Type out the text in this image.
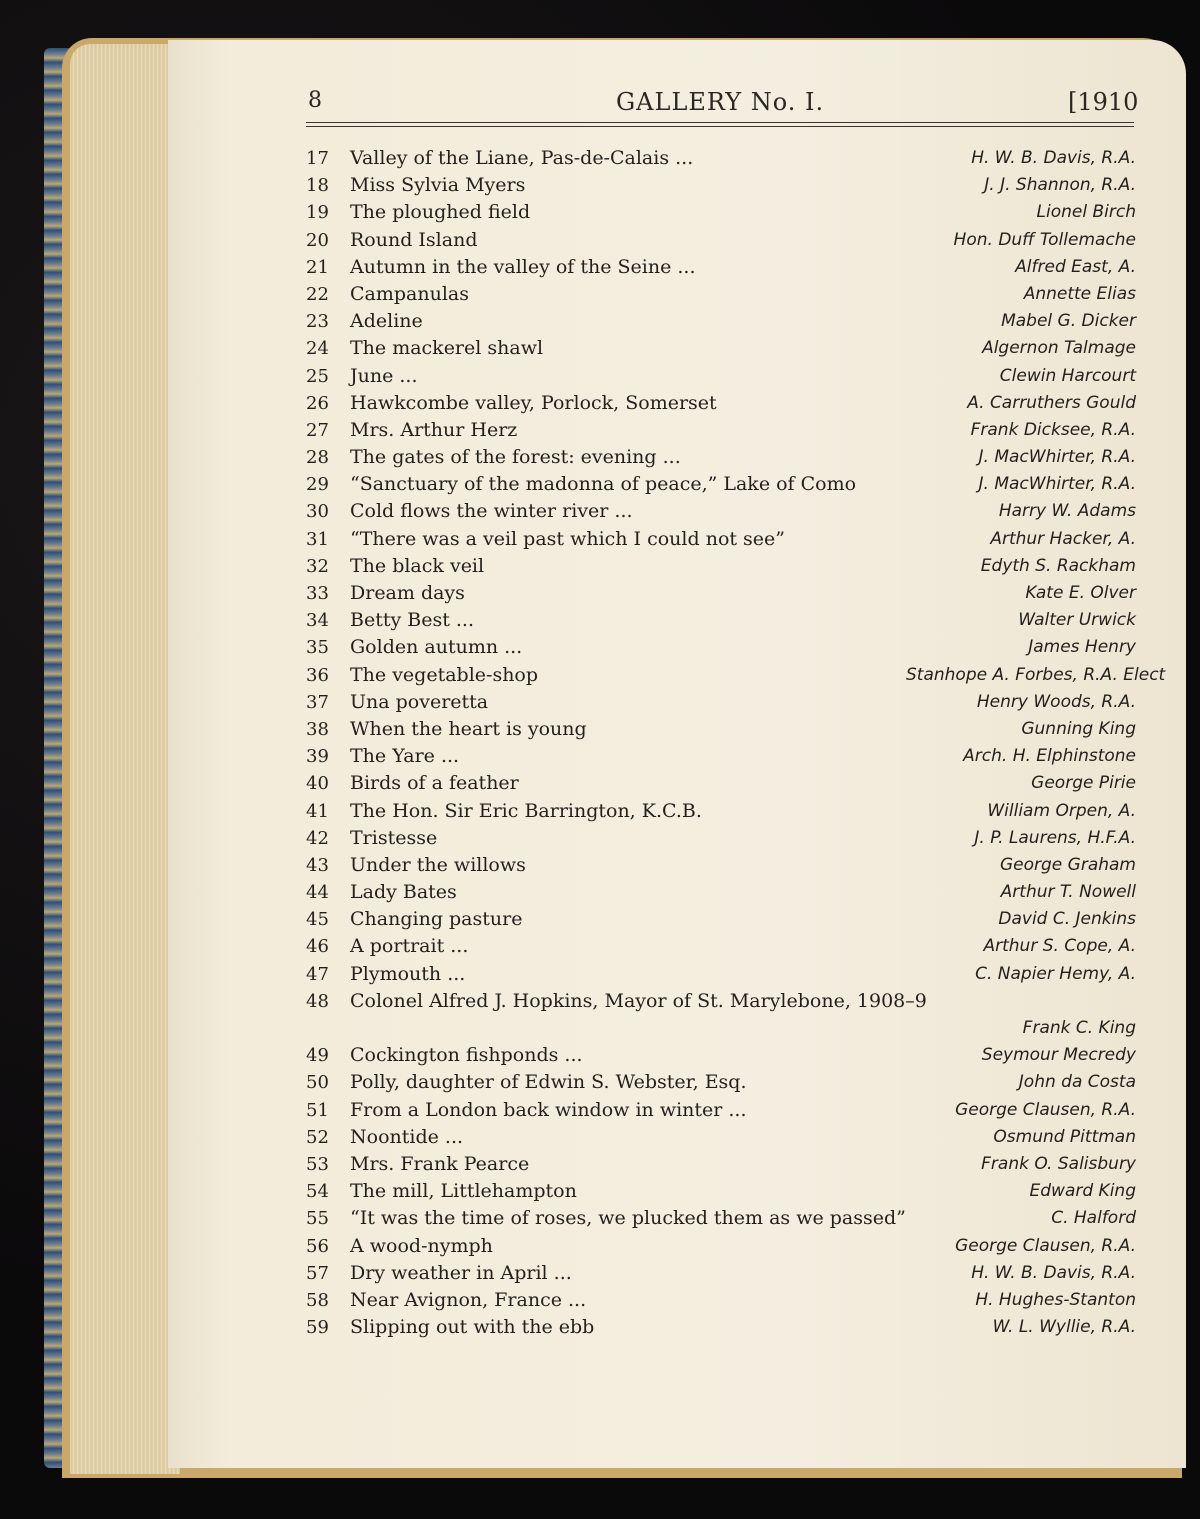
8	GALLERY No. I.	[1910
17	Valley of the Liane, Pas-de-Calais ...	H. W. B. Davis, R.A.
18	Miss Sylvia Myers	J. J. Shannon, R.A.
19	The ploughed field	Lionel Birch
20	Round Island	Hon. Duff Tollemache
21	Autumn in the valley of the Seine ...	Alfred East, A.
22	Campanulas	Annette Elias
23	Adeline	Mabel G. Dicker
24	The mackerel shawl	Algernon Talmage
25	June ...	Clewin Harcourt
26	Hawkcombe valley, Porlock, Somerset	A. Carruthers Gould
27	Mrs. Arthur Herz	Frank Dicksee, R.A.
28	The gates of the forest: evening ...	J. MacWhirter, R.A.
29	“Sanctuary of the madonna of peace,” Lake of Como	J. MacWhirter, R.A.
30	Cold flows the winter river ...	Harry W. Adams
31	“There was a veil past which I could not see”	Arthur Hacker, A.
32	The black veil	Edyth S. Rackham
33	Dream days	Kate E. Olver
34	Betty Best ...	Walter Urwick
35	Golden autumn ...	James Henry
36	The vegetable-shop	Stanhope A. Forbes, R.A. Elect
37	Una poveretta	Henry Woods, R.A.
38	When the heart is young	Gunning King
39	The Yare ...	Arch. H. Elphinstone
40	Birds of a feather	George Pirie
41	The Hon. Sir Eric Barrington, K.C.B.	William Orpen, A.
42	Tristesse	J. P. Laurens, H.F.A.
43	Under the willows	George Graham
44	Lady Bates	Arthur T. Nowell
45	Changing pasture	David C. Jenkins
46	A portrait ...	Arthur S. Cope, A.
47	Plymouth ...	C. Napier Hemy, A.
48	Colonel Alfred J. Hopkins, Mayor of St. Marylebone, 1908–9
Frank C. King
49	Cockington fishponds ...	Seymour Mecredy
50	Polly, daughter of Edwin S. Webster, Esq.	John da Costa
51	From a London back window in winter ...	George Clausen, R.A.
52	Noontide ...	Osmund Pittman
53	Mrs. Frank Pearce	Frank O. Salisbury
54	The mill, Littlehampton	Edward King
55	“It was the time of roses, we plucked them as we passed”	C. Halford
56	A wood-nymph	George Clausen, R.A.
57	Dry weather in April ...	H. W. B. Davis, R.A.
58	Near Avignon, France ...	H. Hughes-Stanton
59	Slipping out with the ebb	W. L. Wyllie, R.A.
